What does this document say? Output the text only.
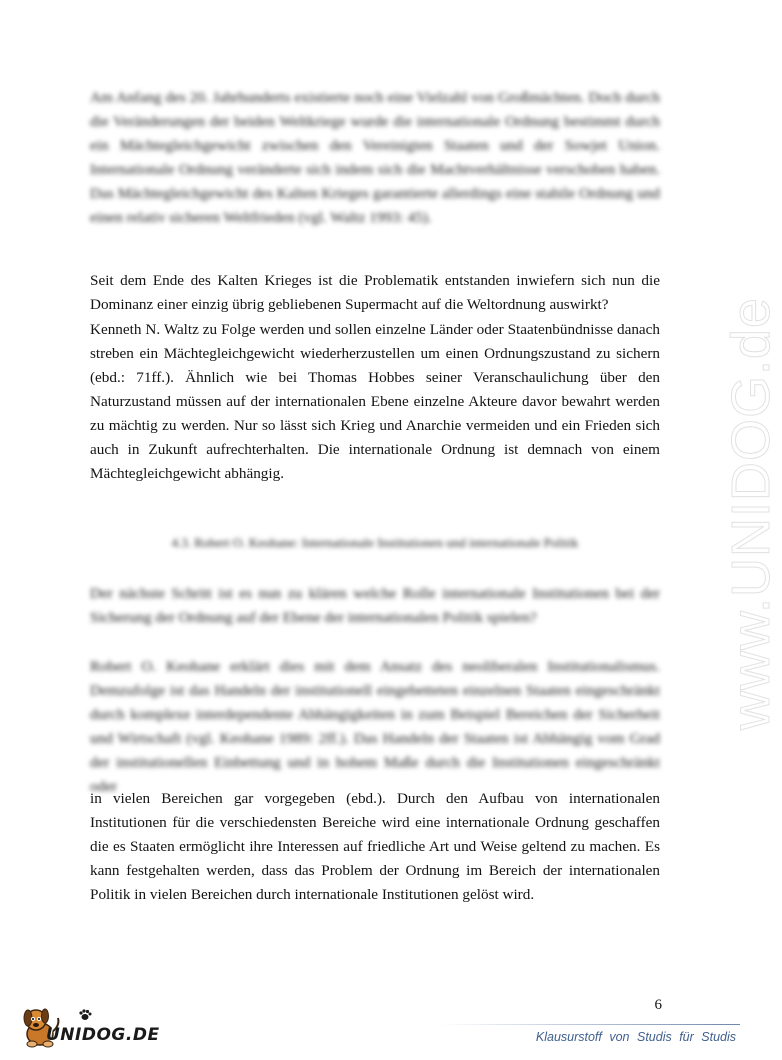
Am Anfang des 20. Jahrhunderts existierte noch eine Vielzahl von Großmächten. Doch durch die Veränderungen der beiden Weltkriege wurde die internationale Ordnung bestimmt durch ein Mächtegleichgewicht zwischen den Vereinigten Staaten und der Sowjet Union. Internationale Ordnung veränderte sich indem sich die Machtverhältnisse verschoben haben. Das Mächtegleichgewicht des Kalten Krieges garantierte allerdings eine stabile Ordnung und einen relativ sicheren Weltfrieden (vgl. Waltz 1993: 45).

Seit dem Ende des Kalten Krieges ist die Problematik entstanden inwiefern sich nun die Dominanz einer einzig übrig gebliebenen Supermacht auf die Weltordnung auswirkt?

Kenneth N. Waltz zu Folge werden und sollen einzelne Länder oder Staatenbündnisse danach streben ein Mächtegleichgewicht wiederherzustellen um einen Ordnungszustand zu sichern (ebd.: 71ff.). Ähnlich wie bei Thomas Hobbes seiner Veranschaulichung über den Naturzustand müssen auf der internationalen Ebene einzelne Akteure davor bewahrt werden zu mächtig zu werden. Nur so lässt sich Krieg und Anarchie vermeiden und ein Frieden sich auch in Zukunft aufrechterhalten. Die internationale Ordnung ist demnach von einem Mächtegleichgewicht abhängig.

4.3. Robert O. Keohane: Internationale Institutionen und internationale Politik

Der nächste Schritt ist es nun zu klären welche Rolle internationale Institutionen bei der Sicherung der Ordnung auf der Ebene der internationalen Politik spielen?

Robert O. Keohane erklärt dies mit dem Ansatz des neoliberalen Institutionalismus. Demzufolge ist das Handeln der institutionell eingebetteten einzelnen Staaten eingeschränkt durch komplexe interdependente Abhängigkeiten in zum Beispiel Bereichen der Sicherheit und Wirtschaft (vgl. Keohane 1989: 2ff.). Das Handeln der Staaten ist Abhängig vom Grad der institutionellen Einbettung und in hohem Maße durch die Institutionen eingeschränkt oder

in vielen Bereichen gar vorgegeben (ebd.). Durch den Aufbau von internationalen Institutionen für die verschiedensten Bereiche wird eine internationale Ordnung geschaffen die es Staaten ermöglicht ihre Interessen auf friedliche Art und Weise geltend zu machen. Es kann festgehalten werden, dass das Problem der Ordnung im Bereich der internationalen Politik in vielen Bereichen durch internationale Institutionen gelöst wird.

www.UNIDOG.de
6
UNIDOG.DE	Klausurstoff von Studis für Studis
